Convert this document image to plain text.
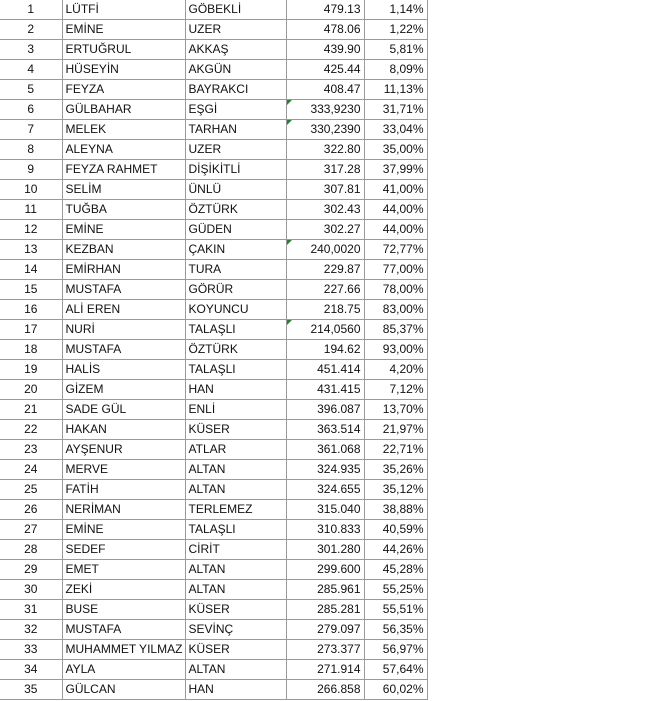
1	LÜTFİ	GÖBEKLİ	479.13	1,14%
2	EMİNE	UZER	478.06	1,22%
3	ERTUĞRUL	AKKAŞ	439.90	5,81%
4	HÜSEYİN	AKGÜN	425.44	8,09%
5	FEYZA	BAYRAKCI	408.47	11,13%
6	GÜLBAHAR	EŞGİ	333,9230	31,71%
7	MELEK	TARHAN	330,2390	33,04%
8	ALEYNA	UZER	322.80	35,00%
9	FEYZA RAHMET	DİŞİKİTLİ	317.28	37,99%
10	SELİM	ÜNLÜ	307.81	41,00%
11	TUĞBA	ÖZTÜRK	302.43	44,00%
12	EMİNE	GÜDEN	302.27	44,00%
13	KEZBAN	ÇAKIN	240,0020	72,77%
14	EMİRHAN	TURA	229.87	77,00%
15	MUSTAFA	GÖRÜR	227.66	78,00%
16	ALİ EREN	KOYUNCU	218.75	83,00%
17	NURİ	TALAŞLI	214,0560	85,37%
18	MUSTAFA	ÖZTÜRK	194.62	93,00%
19	HALİS	TALAŞLI	451.414	4,20%
20	GİZEM	HAN	431.415	7,12%
21	SADE GÜL	ENLİ	396.087	13,70%
22	HAKAN	KÜSER	363.514	21,97%
23	AYŞENUR	ATLAR	361.068	22,71%
24	MERVE	ALTAN	324.935	35,26%
25	FATİH	ALTAN	324.655	35,12%
26	NERİMAN	TERLEMEZ	315.040	38,88%
27	EMİNE	TALAŞLI	310.833	40,59%
28	SEDEF	CİRİT	301.280	44,26%
29	EMET	ALTAN	299.600	45,28%
30	ZEKİ	ALTAN	285.961	55,25%
31	BUSE	KÜSER	285.281	55,51%
32	MUSTAFA	SEVİNÇ	279.097	56,35%
33	MUHAMMET YILMAZ	KÜSER	273.377	56,97%
34	AYLA	ALTAN	271.914	57,64%
35	GÜLCAN	HAN	266.858	60,02%
